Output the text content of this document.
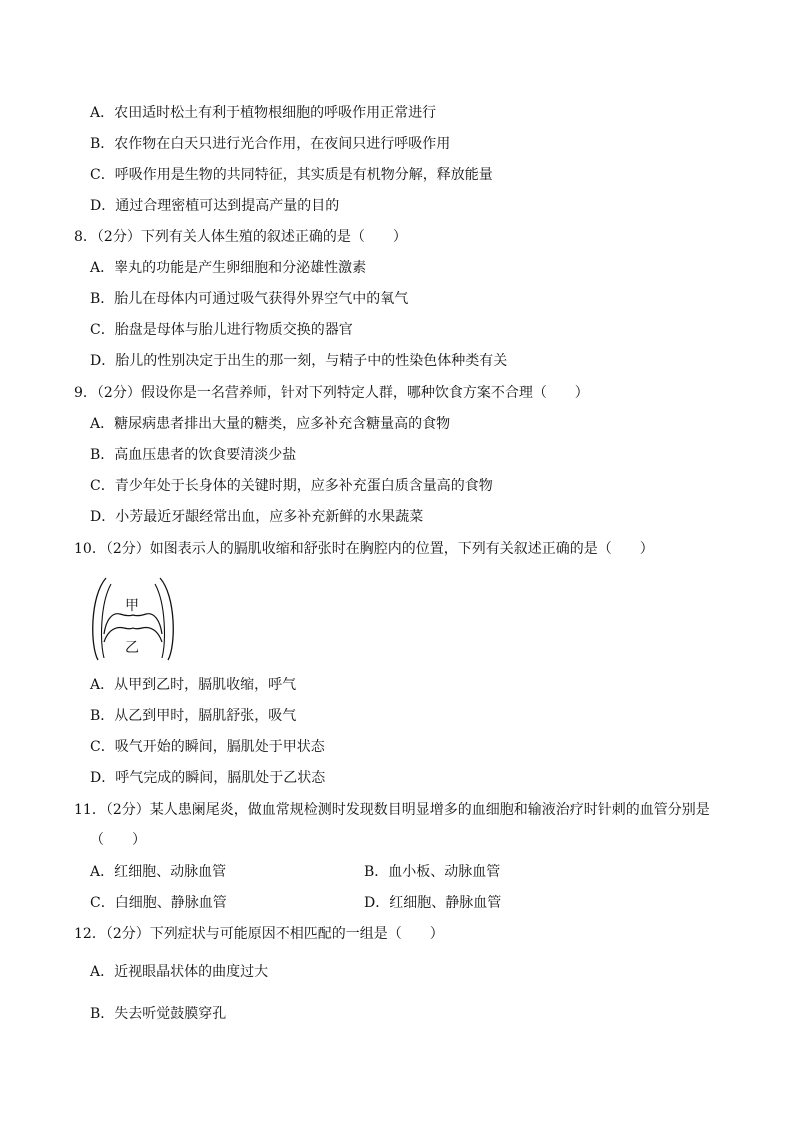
A．农田适时松土有利于植物根细胞的呼吸作用正常进行
B．农作物在白天只进行光合作用，在夜间只进行呼吸作用
C．呼吸作用是生物的共同特征，其实质是有机物分解，释放能量
D．通过合理密植可达到提高产量的目的
8．（2分）下列有关人体生殖的叙述正确的是（　　）
A．睾丸的功能是产生卵细胞和分泌雄性激素
B．胎儿在母体内可通过吸气获得外界空气中的氧气
C．胎盘是母体与胎儿进行物质交换的器官
D．胎儿的性别决定于出生的那一刻，与精子中的性染色体种类有关
9．（2分）假设你是一名营养师，针对下列特定人群，哪种饮食方案不合理（　　）
A．糖尿病患者排出大量的糖类，应多补充含糖量高的食物
B．高血压患者的饮食要清淡少盐
C．青少年处于长身体的关键时期，应多补充蛋白质含量高的食物
D．小芳最近牙龈经常出血，应多补充新鲜的水果蔬菜
10．（2分）如图表示人的膈肌收缩和舒张时在胸腔内的位置，下列有关叙述正确的是（　　）
甲
乙
A．从甲到乙时，膈肌收缩，呼气
B．从乙到甲时，膈肌舒张，吸气
C．吸气开始的瞬间，膈肌处于甲状态
D．呼气完成的瞬间，膈肌处于乙状态
11．（2分）某人患阑尾炎，做血常规检测时发现数目明显增多的血细胞和输液治疗时针刺的血管分别是
（　　）
A．红细胞、动脉血管	B．血小板、动脉血管
C．白细胞、静脉血管	D．红细胞、静脉血管
12．（2分）下列症状与可能原因不相匹配的一组是（　　）
A．近视眼晶状体的曲度过大
B．失去听觉鼓膜穿孔
